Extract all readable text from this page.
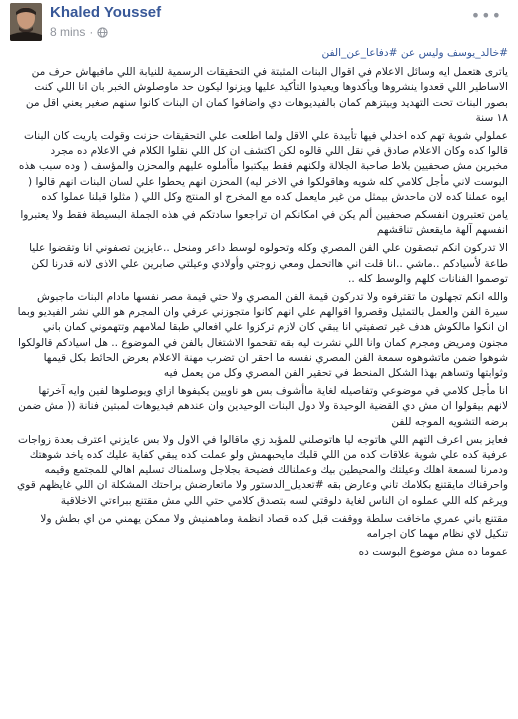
Khaled Youssef
8 mins ·
•••

#خالد_يوسف وليس عن #دفاعا_عن_الفن

ياترى هتعمل ايه وسائل الاعلام في اقوال البنات المثبتة في التحقيقات الرسمية للنيابة اللي مافيهاش حرف من الاساطير اللي قعدوا ينشروها ويأكدوها ويعيدوا التأكيد عليها ويزنوا ليكون حد ماوصلوش الخبر بان انا اللي كنت بصور البنات تحت التهديد وبيتزهم كمان بالفيديوهات دي واضافوا كمان ان البنات كانوا سنهم صغير يعني اقل من ١٨ سنة

عملولي شوية تهم كده اخدلي فيها تأبيدة علي الاقل ولما اطلعت علي التحقيقات حزنت وقولت ياريت كان البنات قالوا كده وكان الاعلام صادق في نقل اللي قالوه لكن اكتشف ان كل اللي نقلوا الكلام في الاعلام ده مجرد مخبرين مش صحفيين بلاط صاحبة الجلالة ولكنهم فقط بيكتبوا مأأملوه عليهم والمحزن والمؤسف ( وده سبب هذه البوست لاني مأجل كلامي كله شويه وهاقولكوا في الاخر ليه) المحزن انهم يحطوا علي لسان البنات انهم قالوا ( ايوه عملنا كده لان ماحدش بيمثل من غير مايعمل كده مع المخرج او المنتج وكل اللي ( مثلوا قبلنا عملوا كده

يامن تعتبرون انفسكم صحفيين ألم يكن في امكانكم ان تراجعوا سادتكم في هذه الجملة البسيطة فقط ولا يعتبروا انفسهم آلهة مايقعش تناقشهم

الا تدركون انكم تبصقون علي الفن المصري وكله وتحولوه لوسط داعر ومنحل ..عايزين تصفوني انا وتقضوا عليا طاعة لأسيادكم ..ماشي ..انا قلت اني هااتحمل ومعي زوجتي وأولادي وعيلتي صابرين علي الاذى لانه قدرنا لكن توصموا الفنانات كلهم والوسط كله ..

والله انكم تجهلون ما تقترفوه ولا تدركون قيمة الفن المصري ولا حتي قيمة مصر نفسها مادام البنات ماجبوش سيرة الفن والعمل بالتمثيل وقصروا اقوالهم علي انهم كانوا متجوزني عرفي وان المجرم هو اللي نشر الفيديو وبما ان انكوا مالكوش هدف غير تصفيتي انا يبقي كان لازم تركزوا علي افعالي طبقا لملامهم وتتهموني كمان باني مجنون ومريض ومجرم كمان وانا اللي نشرت ليه بقه تقحموا الاشتغال بالفن في الموضوع .. هل اسيادكم قالولكوا شوهوا ضمن ماتشوهوه سمعة الفن المصري نفسه ما احقر ان تضرب مهنة الاعلام بعرض الحائط بكل قيمها وثوابتها وتساهم بهذا الشكل المنحط في تحقير الفن المصري وكل من يعمل فيه

انا مأجل كلامي في موضوعي وتفاصيله لغاية ماأشوف بس هو ناويين يكيفوها ازاي ويوصلوها لفين وايه آخرتها لانهم بيقولوا ان مش دي القضية الوحيدة ولا دول البنات الوحيدين وان عندهم فيديوهات لمبتين فنانة (( مش ضمن برضه التشويه الموجه للفن

فعايز بس اعرف التهم اللي هاتوجه ليا هاتوصلني للمؤبد زي ماقالوا في الاول ولا بس عايزني اعترف بعدة زواجات عرفية كده علي شوية علاقات كده من اللي قلبك مايحبهمش ولو عملت كده يبقي كفاية عليك كده ياخد شوهتك ودمرنا لسمعة اهلك وعيلتك والمحيطين بيك وعملنالك فضيحة بجلاجل وسلمناك تسليم اهالي للمجتمع وقيمه واحرقناك مايقتنع بكلامك تاني وعارض بقه #تعديل_الدستور ولا ماتعارضش براحتك المشكلة ان اللي غايظهم قوي ويرغم كله اللي عملوه ان الناس لغاية دلوقتي لسه بتصدق كلامي حتي اللي مش مقتنع ببراءتي الاخلاقية

مقتنع باني عمري ماخافت سلطة ووقفت قبل كده قصاد انظمة وماهمنيش ولا ممكن يهمني من اي بطش ولا تنكيل لاي نظام مهما كان اجرامه

عموما ده مش موضوع البوست ده
